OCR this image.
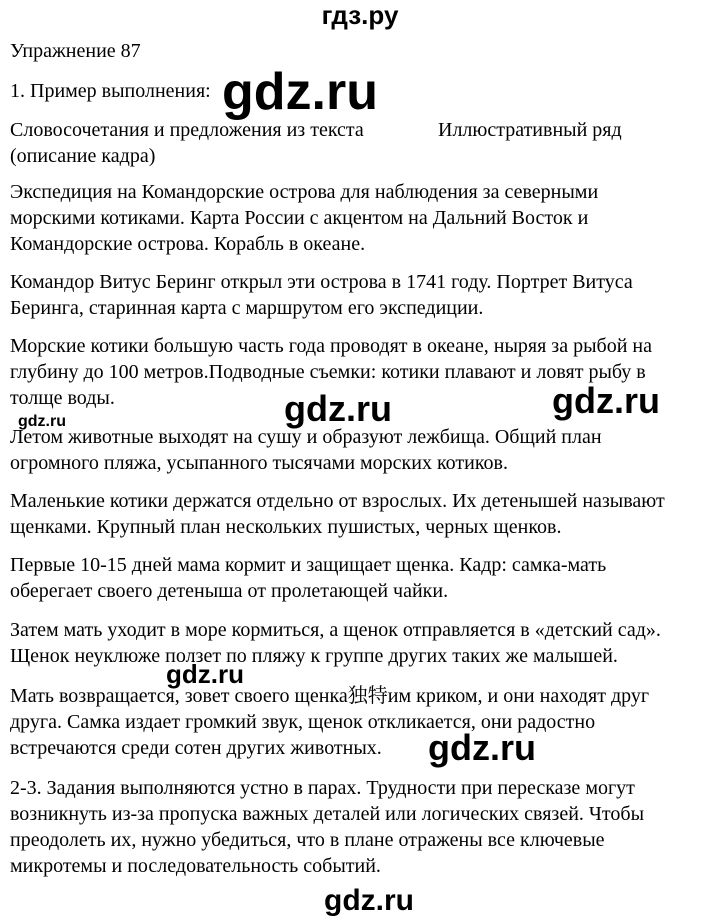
гдз.ру
Упражнение 87
1. Пример выполнения:
Словосочетания и предложения из текста	Иллюстративный ряд
(описание кадра)
Экспедиция на Командорские острова для наблюдения за северными
морскими котиками. Карта России с акцентом на Дальний Восток и
Командорские острова. Корабль в океане.
Командор Витус Беринг открыл эти острова в 1741 году. Портрет Витуса
Беринга, старинная карта с маршрутом его экспедиции.
Морские котики большую часть года проводят в океане, ныряя за рыбой на
глубину до 100 метров.Подводные съемки: котики плавают и ловят рыбу в
толще воды.
Летом животные выходят на сушу и образуют лежбища. Общий план
огромного пляжа, усыпанного тысячами морских котиков.
Маленькие котики держатся отдельно от взрослых. Их детенышей называют
щенками. Крупный план нескольких пушистых, черных щенков.
Первые 10-15 дней мама кормит и защищает щенка. Кадр: самка-мать
оберегает своего детеныша от пролетающей чайки.
Затем мать уходит в море кормиться, а щенок отправляется в «детский сад».
Щенок неуклюже ползет по пляжу к группе других таких же малышей.
Мать возвращается, зовет своего щенка独特им криком, и они находят друг
друга. Самка издает громкий звук, щенок откликается, они радостно
встречаются среди сотен других животных.
2-3. Задания выполняются устно в парах. Трудности при пересказе могут
возникнуть из-за пропуска важных деталей или логических связей. Чтобы
преодолеть их, нужно убедиться, что в плане отражены все ключевые
микротемы и последовательность событий.
gdz.ru
gdz.ru	gdz.ru	gdz.ru
gdz.ru
gdz.ru
gdz.ru
